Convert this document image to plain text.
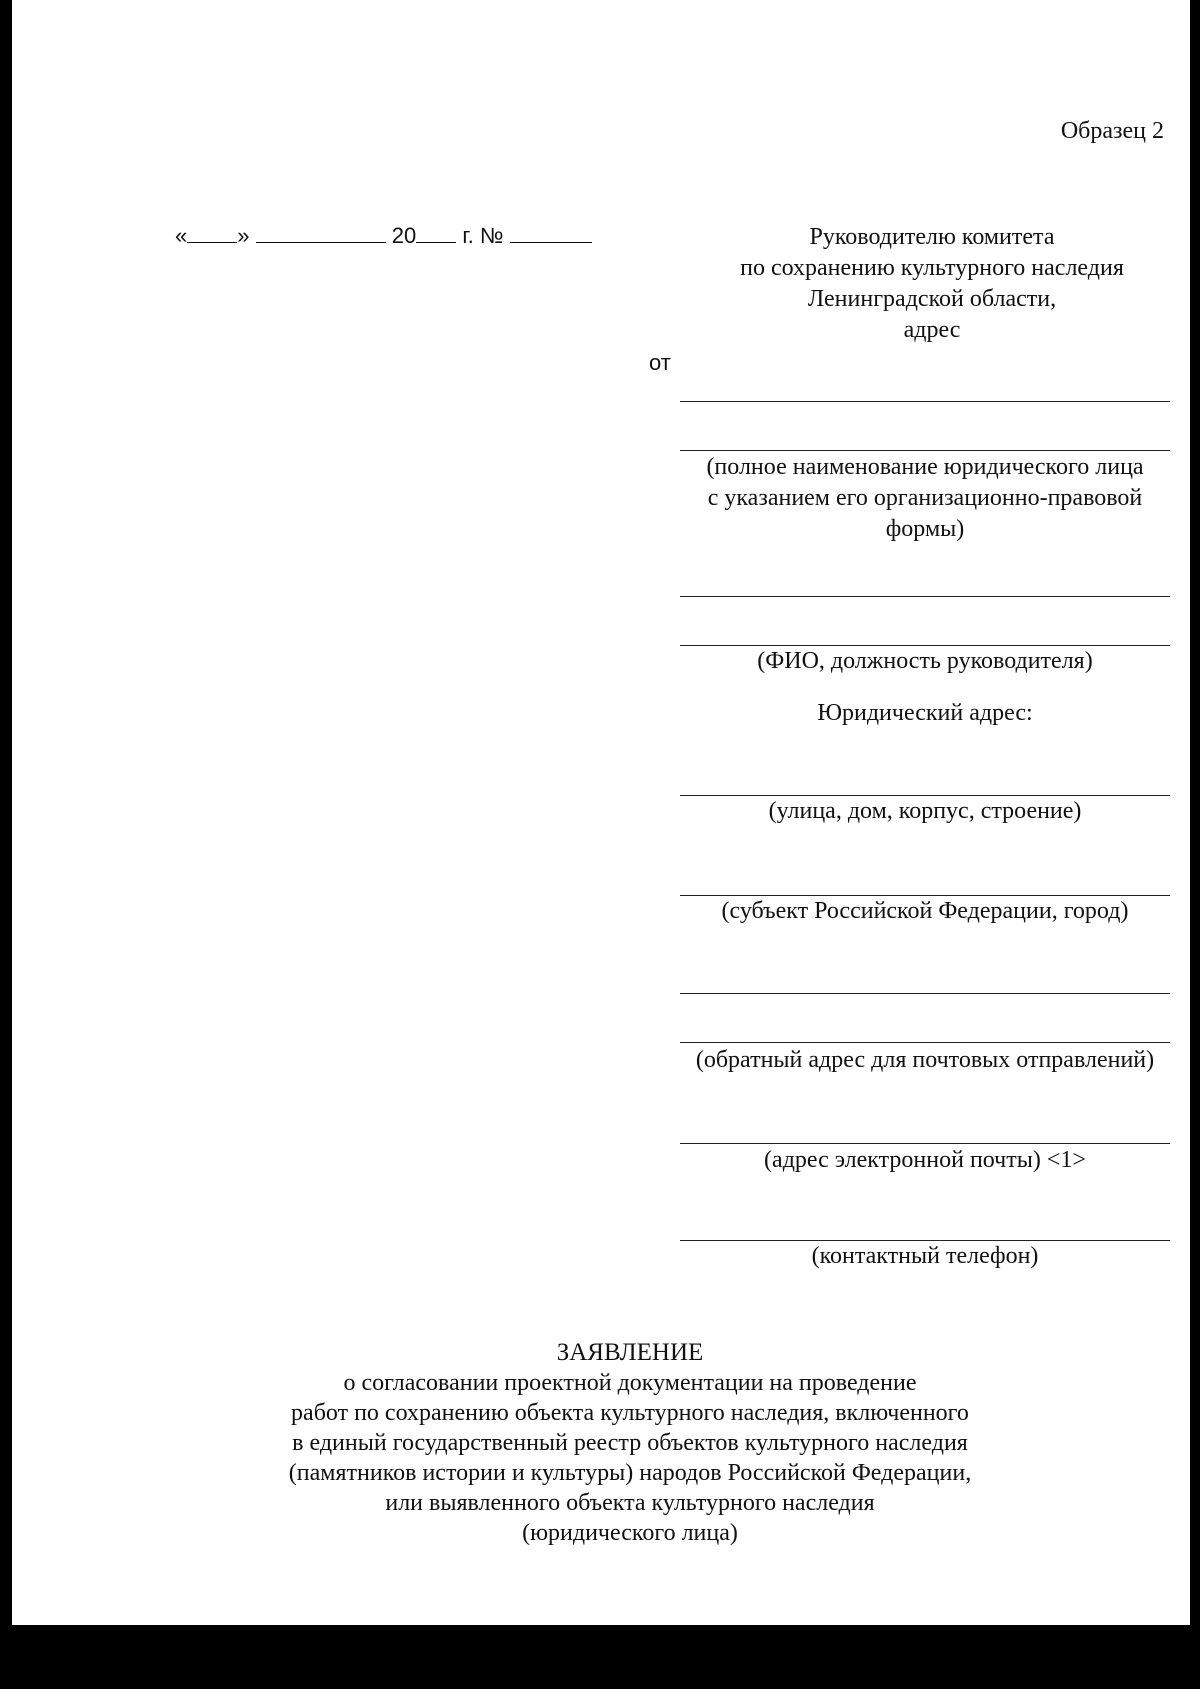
Образец 2
« »	20 г. №	Руководителю комитета
по сохранению культурного наследия
Ленинградской области,
адрес
от
(полное наименование юридического лица
с указанием его организационно-правовой
формы)
(ФИО, должность руководителя)
Юридический адрес:
(улица, дом, корпус, строение)
(субъект Российской Федерации, город)
(обратный адрес для почтовых отправлений)
(адрес электронной почты) <1>
(контактный телефон)
ЗАЯВЛЕНИЕ
о согласовании проектной документации на проведение
работ по сохранению объекта культурного наследия, включенного
в единый государственный реестр объектов культурного наследия
(памятников истории и культуры) народов Российской Федерации,
или выявленного объекта культурного наследия
(юридического лица)
